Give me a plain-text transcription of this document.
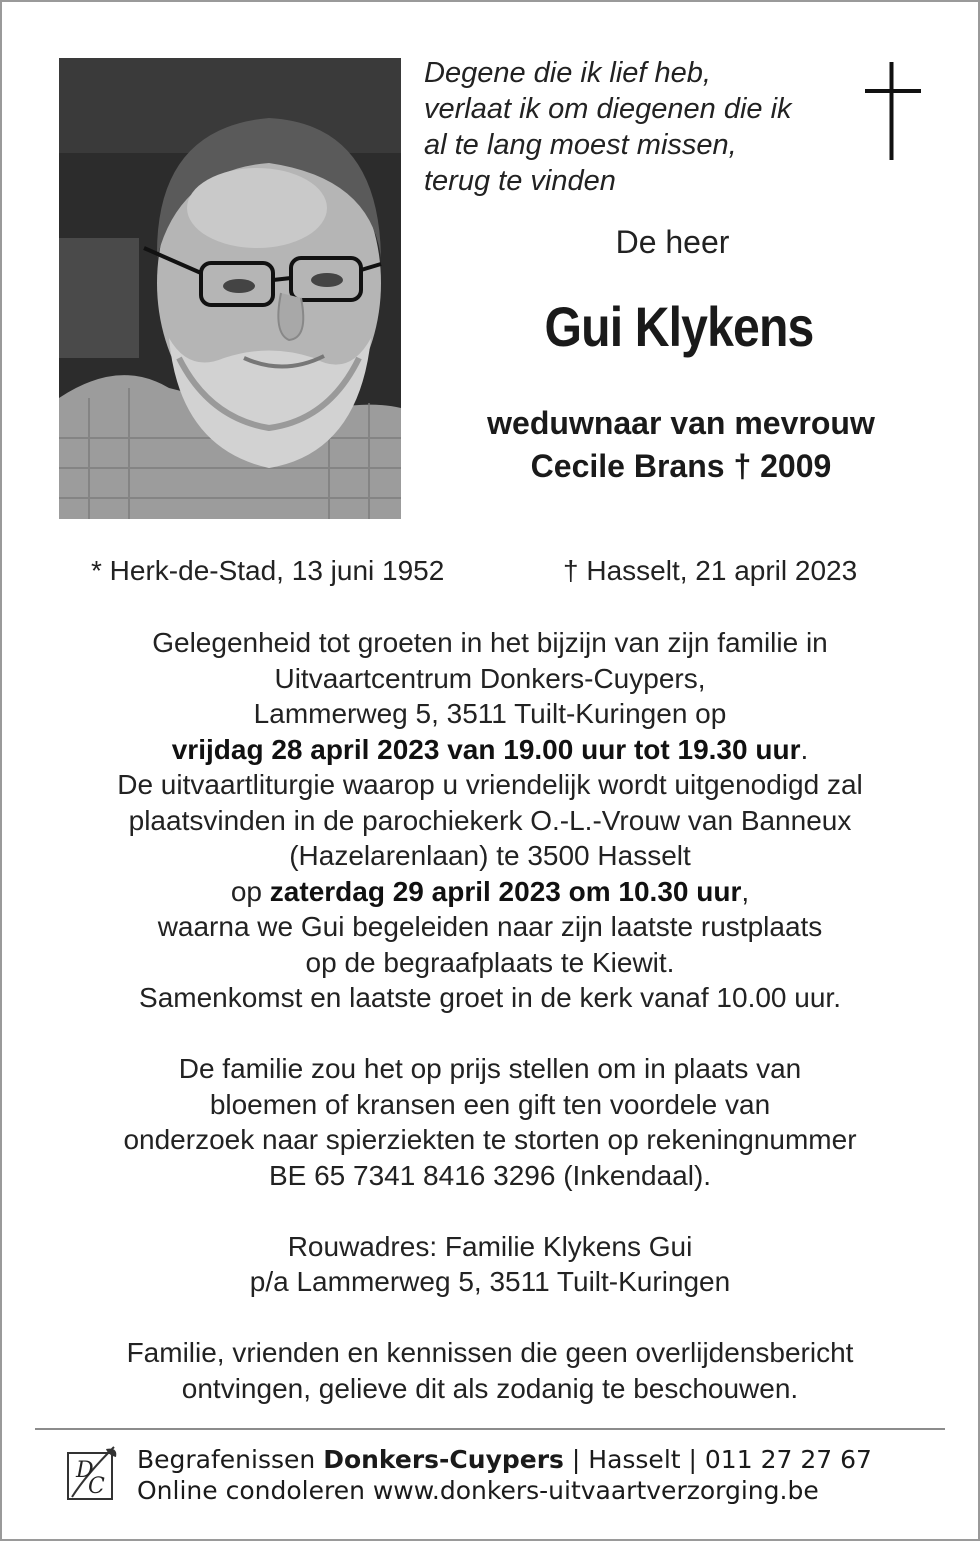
Degene die ik lief heb,
verlaat ik om diegenen die ik
al te lang moest missen,
terug te vinden
De heer
Gui Klykens
weduwnaar van mevrouw
Cecile Brans † 2009
* Herk-de-Stad, 13 juni 1952	† Hasselt, 21 april 2023
Gelegenheid tot groeten in het bijzijn van zijn familie in
Uitvaartcentrum Donkers-Cuypers,
Lammerweg 5, 3511 Tuilt-Kuringen op
vrijdag 28 april 2023 van 19.00 uur tot 19.30 uur.
De uitvaartliturgie waarop u vriendelijk wordt uitgenodigd zal
plaatsvinden in de parochiekerk O.-L.-Vrouw van Banneux
(Hazelarenlaan) te 3500 Hasselt
op zaterdag 29 april 2023 om 10.30 uur,
waarna we Gui begeleiden naar zijn laatste rustplaats
op de begraafplaats te Kiewit.
Samenkomst en laatste groet in de kerk vanaf 10.00 uur.
De familie zou het op prijs stellen om in plaats van
bloemen of kransen een gift ten voordele van
onderzoek naar spierziekten te storten op rekeningnummer
BE 65 7341 8416 3296 (Inkendaal).
Rouwadres: Familie Klykens Gui
p/a Lammerweg 5, 3511 Tuilt-Kuringen
Familie, vrienden en kennissen die geen overlijdensbericht
ontvingen, gelieve dit als zodanig te beschouwen.
D
C
Begrafenissen Donkers-Cuypers | Hasselt | 011 27 27 67
Online condoleren www.donkers-uitvaartverzorging.be
